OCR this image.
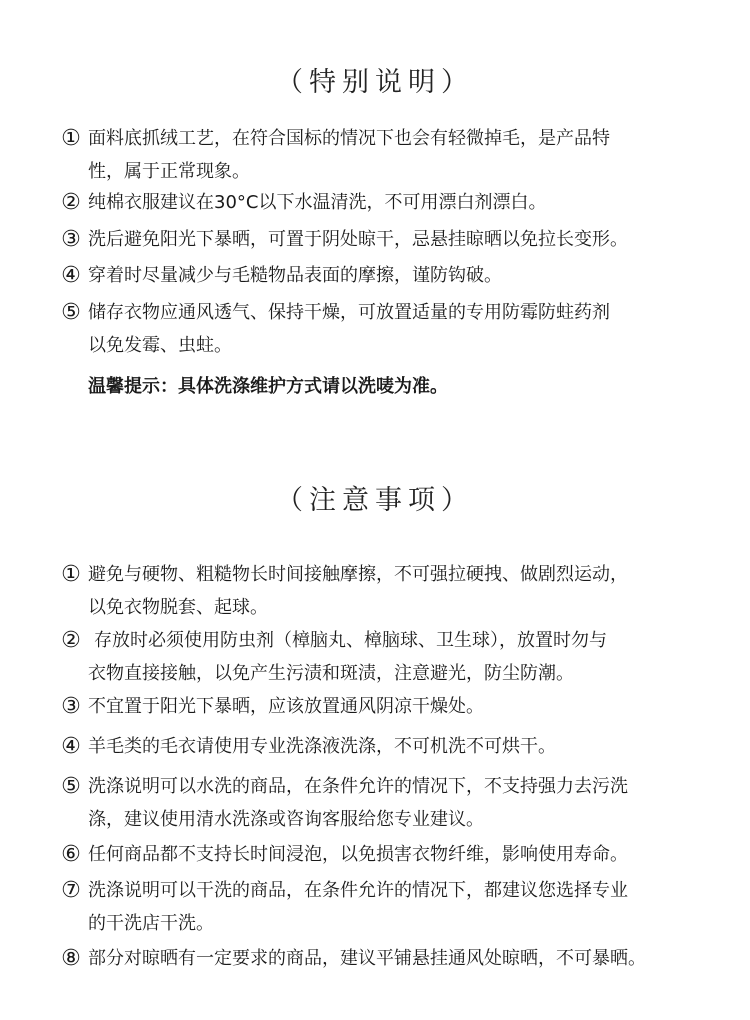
（特别说明）
① 面料底抓绒工艺，在符合国标的情况下也会有轻微掉毛，是产品特
性，属于正常现象。
② 纯棉衣服建议在30°C以下水温清洗，不可用漂白剂漂白。
③ 洗后避免阳光下暴晒，可置于阴处晾干，忌悬挂晾晒以免拉长变形。
④ 穿着时尽量减少与毛糙物品表面的摩擦，谨防钩破。
⑤ 储存衣物应通风透气、保持干燥，可放置适量的专用防霉防蛀药剂
以免发霉、虫蛀。
温馨提示：具体洗涤维护方式请以洗唛为准。
（注意事项）
① 避免与硬物、粗糙物长时间接触摩擦，不可强拉硬拽、做剧烈运动，
以免衣物脱套、起球。
② 存放时必须使用防虫剂（樟脑丸、樟脑球、卫生球），放置时勿与
衣物直接接触，以免产生污渍和斑渍，注意避光，防尘防潮。
③ 不宜置于阳光下暴晒，应该放置通风阴凉干燥处。
④ 羊毛类的毛衣请使用专业洗涤液洗涤，不可机洗不可烘干。
⑤ 洗涤说明可以水洗的商品，在条件允许的情况下，不支持强力去污洗
涤，建议使用清水洗涤或咨询客服给您专业建议。
⑥ 任何商品都不支持长时间浸泡，以免损害衣物纤维，影响使用寿命。
⑦ 洗涤说明可以干洗的商品，在条件允许的情况下，都建议您选择专业
的干洗店干洗。
⑧ 部分对晾晒有一定要求的商品，建议平铺悬挂通风处晾晒，不可暴晒。
